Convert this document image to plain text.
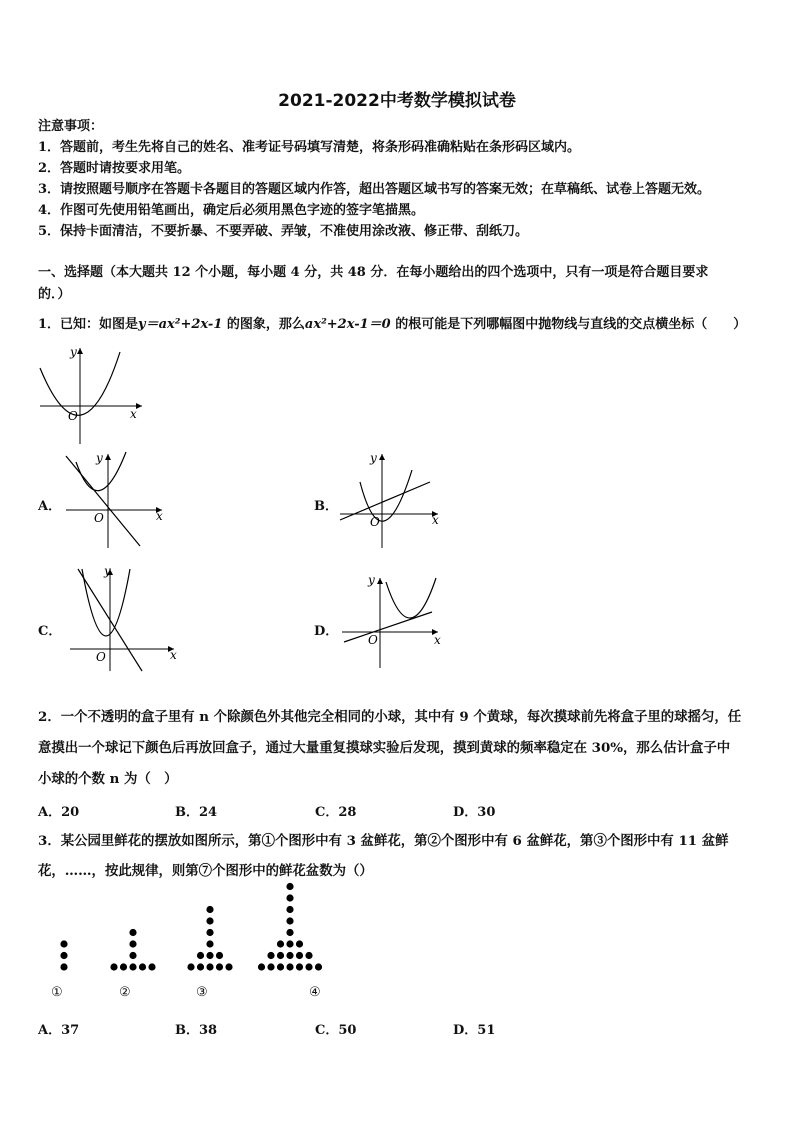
2021-2022中考数学模拟试卷
注意事项：
1．答题前，考生先将自己的姓名、准考证号码填写清楚，将条形码准确粘贴在条形码区域内。
2．答题时请按要求用笔。
3．请按照题号顺序在答题卡各题目的答题区域内作答，超出答题区域书写的答案无效；在草稿纸、试卷上答题无效。
4．作图可先使用铅笔画出，确定后必须用黑色字迹的签字笔描黑。
5．保持卡面清洁，不要折暴、不要弄破、弄皱，不准使用涂改液、修正带、刮纸刀。
一、选择题（本大题共 12 个小题，每小题 4 分，共 48 分．在每小题给出的四个选项中，只有一项是符合题目要求
的．）
1．已知：如图是y＝ax²+2x-1 的图象，那么ax²+2x-1＝0 的根可能是下列哪幅图中抛物线与直线的交点横坐标（　　）
O	x
y
A．
O	x
y
B．
O	x
y
C．
O	x
y
D．
O	x
y
2．一个不透明的盒子里有 n 个除颜色外其他完全相同的小球，其中有 9 个黄球，每次摸球前先将盒子里的球摇匀，任
意摸出一个球记下颜色后再放回盒子，通过大量重复摸球实验后发现，摸到黄球的频率稳定在 30%，那么估计盒子中
小球的个数 n 为（　）
A．20	B．24	C．28	D．30
3．某公园里鲜花的摆放如图所示，第①个图形中有 3 盆鲜花，第②个图形中有 6 盆鲜花，第③个图形中有 11 盆鲜
花，……，按此规律，则第⑦个图形中的鲜花盆数为（）
①	②	③	④
A．37	B．38	C．50	D．51
